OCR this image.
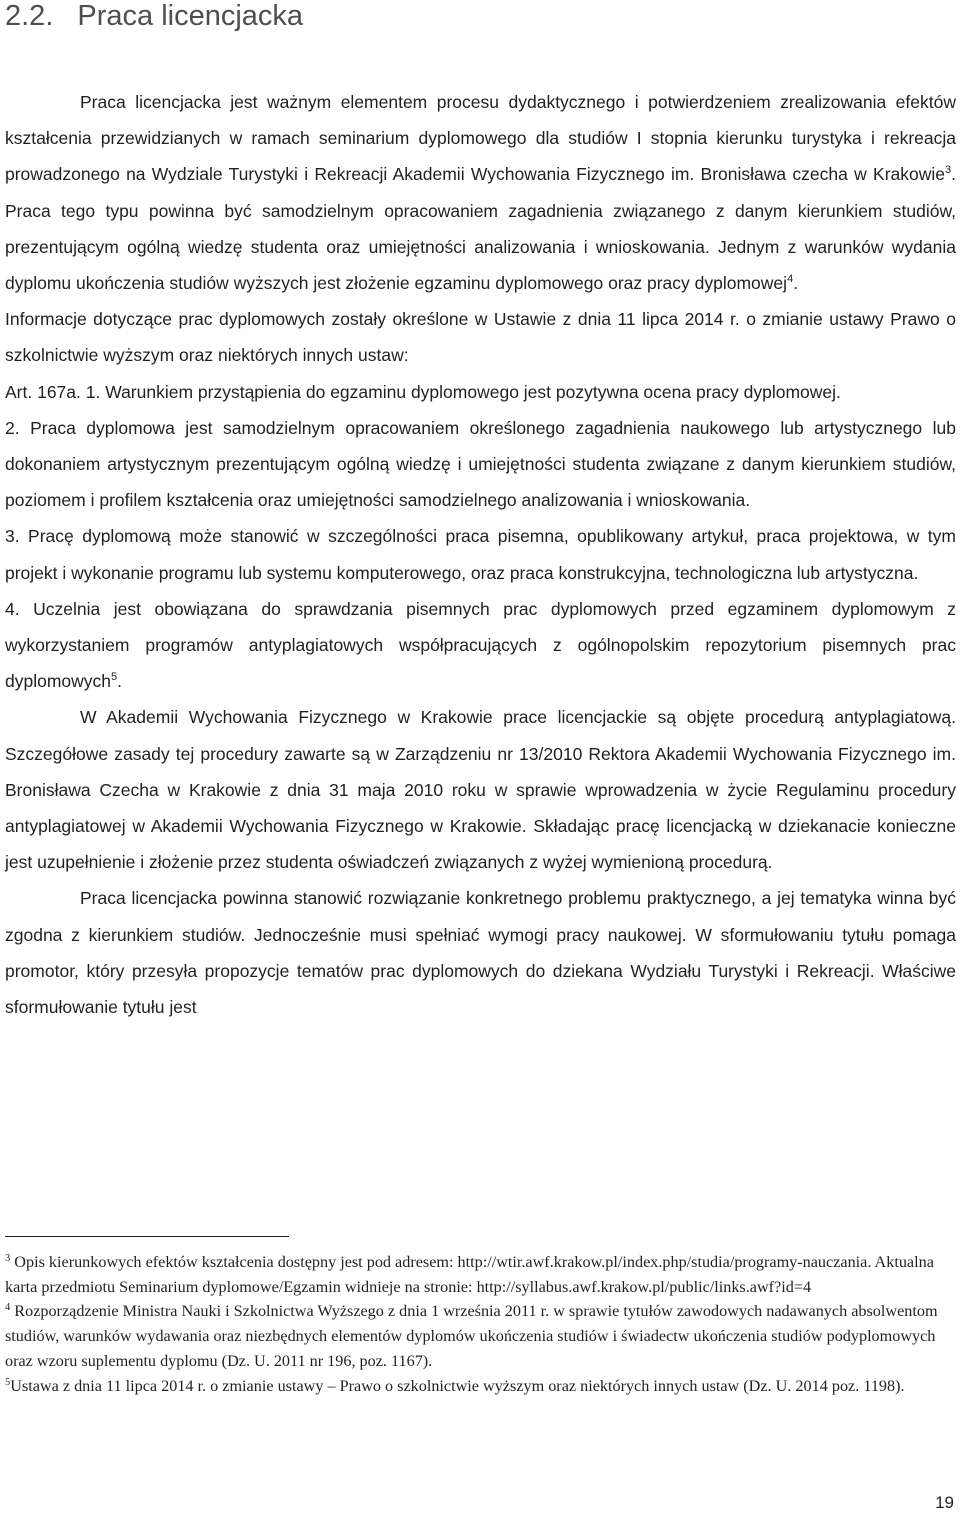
2.2. Praca licencjacka

Praca licencjacka jest ważnym elementem procesu dydaktycznego i potwierdzeniem zrealizowania efektów kształcenia przewidzianych w ramach seminarium dyplomowego dla studiów I stopnia kierunku turystyka i rekreacja prowadzonego na Wydziale Turystyki i Rekreacji Akademii Wychowania Fizycznego im. Bronisława czecha w Krakowie$^3$. Praca tego typu powinna być samodzielnym opracowaniem zagadnienia związanego z danym kierunkiem studiów, prezentującym ogólną wiedzę studenta oraz umiejętności analizowania i wnioskowania. Jednym z warunków wydania dyplomu ukończenia studiów wyższych jest złożenie egzaminu dyplomowego oraz pracy dyplomowej$^4$.

Informacje dotyczące prac dyplomowych zostały określone w Ustawie z dnia 11 lipca 2014 r. o zmianie ustawy Prawo o szkolnictwie wyższym oraz niektórych innych ustaw:

Art. 167a. 1. Warunkiem przystąpienia do egzaminu dyplomowego jest pozytywna ocena pracy dyplomowej.

2. Praca dyplomowa jest samodzielnym opracowaniem określonego zagadnienia naukowego lub artystycznego lub dokonaniem artystycznym prezentującym ogólną wiedzę i umiejętności studenta związane z danym kierunkiem studiów, poziomem i profilem kształcenia oraz umiejętności samodzielnego analizowania i wnioskowania.

3. Pracę dyplomową może stanowić w szczególności praca pisemna, opublikowany artykuł, praca projektowa, w tym projekt i wykonanie programu lub systemu komputerowego, oraz praca konstrukcyjna, technologiczna lub artystyczna.

4. Uczelnia jest obowiązana do sprawdzania pisemnych prac dyplomowych przed egzaminem dyplomowym z wykorzystaniem programów antyplagiatowych współpracujących z ogólnopolskim repozytorium pisemnych prac dyplomowych$^5$.

W Akademii Wychowania Fizycznego w Krakowie prace licencjackie są objęte procedurą antyplagiatową. Szczegółowe zasady tej procedury zawarte są w Zarządzeniu nr 13/2010 Rektora Akademii Wychowania Fizycznego im. Bronisława Czecha w Krakowie z dnia 31 maja 2010 roku w sprawie wprowadzenia w życie Regulaminu procedury antyplagiatowej w Akademii Wychowania Fizycznego w Krakowie. Składając pracę licencjacką w dziekanacie konieczne jest uzupełnienie i złożenie przez studenta oświadczeń związanych z wyżej wymienioną procedurą.

Praca licencjacka powinna stanowić rozwiązanie konkretnego problemu praktycznego, a jej tematyka winna być zgodna z kierunkiem studiów. Jednocześnie musi spełniać wymogi pracy naukowej. W sformułowaniu tytułu pomaga promotor, który przesyła propozycje tematów prac dyplomowych do dziekana Wydziału Turystyki i Rekreacji. Właściwe sformułowanie tytułu jest

$^3$ Opis kierunkowych efektów kształcenia dostępny jest pod adresem: http://wtir.awf.krakow.pl/index.php/studia/programy-nauczania. Aktualna karta przedmiotu Seminarium dyplomowe/Egzamin widnieje na stronie: http://syllabus.awf.krakow.pl/public/links.awf?id=4

$^4$ Rozporządzenie Ministra Nauki i Szkolnictwa Wyższego z dnia 1 września 2011 r. w sprawie tytułów zawodowych nadawanych absolwentom studiów, warunków wydawania oraz niezbędnych elementów dyplomów ukończenia studiów i świadectw ukończenia studiów podyplomowych oraz wzoru suplementu dyplomu (Dz. U. 2011 nr 196, poz. 1167).

$^5$Ustawa z dnia 11 lipca 2014 r. o zmianie ustawy – Prawo o szkolnictwie wyższym oraz niektórych innych ustaw (Dz. U. 2014 poz. 1198).

19
